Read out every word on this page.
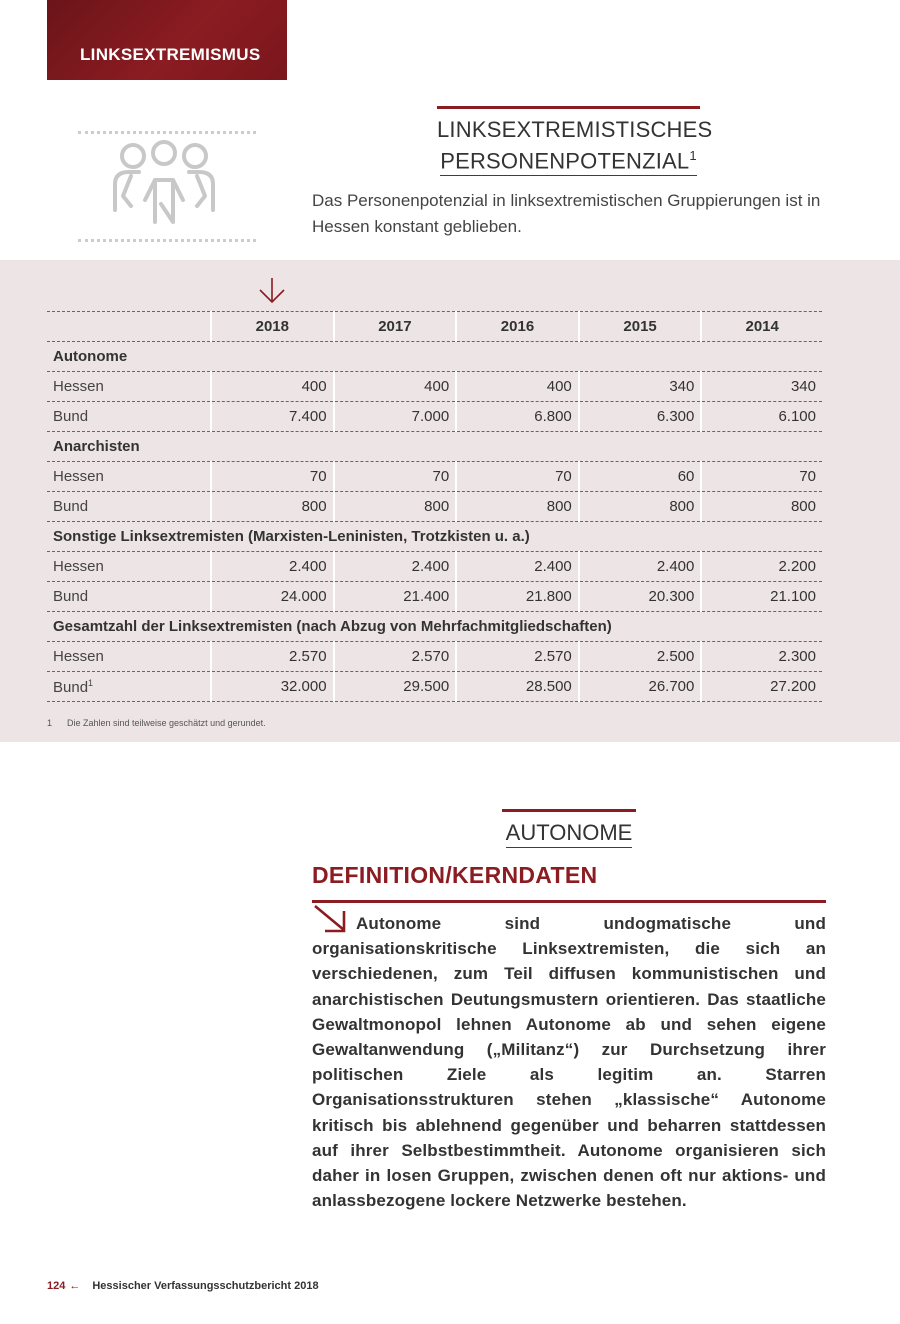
LINKSEXTREMISMUS
LINKSEXTREMISTISCHES
PERSONENPOTENZIAL$^1$
Das Personenpotenzial in linksextremistischen Gruppierungen ist in Hessen konstant geblieben.
	2018	2017	2016	2015	2014
Autonome					
Hessen	400	400	400	340	340
Bund	7.400	7.000	6.800	6.300	6.100
Anarchisten					
Hessen	70	70	70	60	70
Bund	800	800	800	800	800
Sonstige Linksextremisten (Marxisten-Leninisten, Trotzkisten u. a.)					
Hessen	2.400	2.400	2.400	2.400	2.200
Bund	24.000	21.400	21.800	20.300	21.100
Gesamtzahl der Linksextremisten (nach Abzug von Mehrfachmitgliedschaften)					
Hessen	2.570	2.570	2.570	2.500	2.300
Bund$^1$	32.000	29.500	28.500	26.700	27.200
1 Die Zahlen sind teilweise geschätzt und gerundet.
AUTONOME
DEFINITION/KERNDATEN
Autonome sind undogmatische und organisationskritische Linksextremisten, die sich an verschiedenen, zum Teil diffusen kommunistischen und anarchistischen Deutungsmustern orientieren. Das staatliche Gewaltmonopol lehnen Autonome ab und sehen eigene Gewaltanwendung („Militanz“) zur Durchsetzung ihrer politischen Ziele als legitim an. Starren Organisationsstrukturen stehen „klassische“ Autonome kritisch bis ablehnend gegenüber und beharren stattdessen auf ihrer Selbstbestimmtheit. Autonome organisieren sich daher in losen Gruppen, zwischen denen oft nur aktions- und anlassbezogene lockere Netzwerke bestehen.
124 ← Hessischer Verfassungsschutzbericht 2018
